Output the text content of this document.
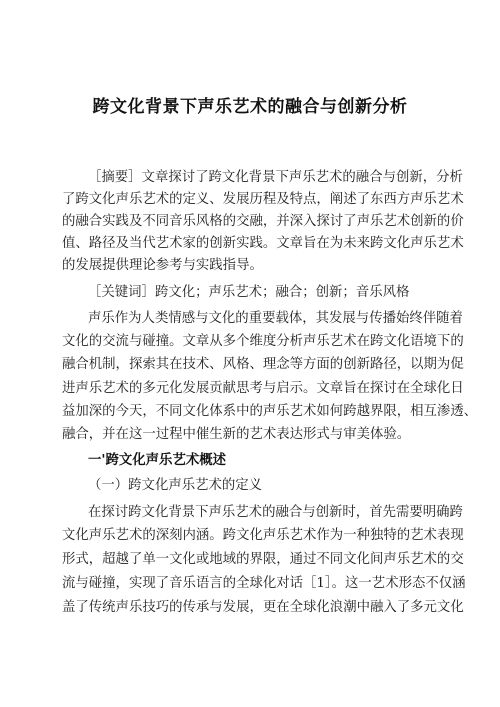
跨文化背景下声乐艺术的融合与创新分析
［摘要］文章探讨了跨文化背景下声乐艺术的融合与创新，分析
了跨文化声乐艺术的定义、发展历程及特点，阐述了东西方声乐艺术
的融合实践及不同音乐风格的交融，并深入探讨了声乐艺术创新的价
值、路径及当代艺术家的创新实践。文章旨在为未来跨文化声乐艺术
的发展提供理论参考与实践指导。
［关键词］跨文化；声乐艺术；融合；创新；音乐风格
声乐作为人类情感与文化的重要载体，其发展与传播始终伴随着
文化的交流与碰撞。文章从多个维度分析声乐艺术在跨文化语境下的
融合机制，探索其在技术、风格、理念等方面的创新路径，以期为促
进声乐艺术的多元化发展贡献思考与启示。文章旨在探讨在全球化日
益加深的今天，不同文化体系中的声乐艺术如何跨越界限，相互渗透、
融合，并在这一过程中催生新的艺术表达形式与审美体验。
一'跨文化声乐艺术概述
（一）跨文化声乐艺术的定义
在探讨跨文化背景下声乐艺术的融合与创新时，首先需要明确跨
文化声乐艺术的深刻内涵。跨文化声乐艺术作为一种独特的艺术表现
形式，超越了单一文化或地域的界限，通过不同文化间声乐艺术的交
流与碰撞，实现了音乐语言的全球化对话［1］。这一艺术形态不仅涵
盖了传统声乐技巧的传承与发展，更在全球化浪潮中融入了多元文化
